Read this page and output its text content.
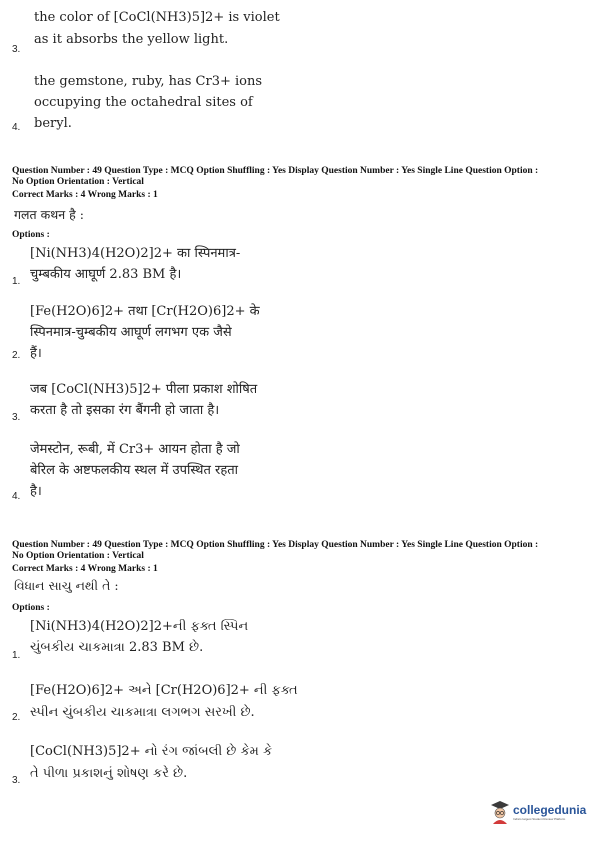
the color of [CoCl(NH3)5]2+ is violet
as it absorbs the yellow light.
3.
the gemstone, ruby, has Cr3+ ions
occupying the octahedral sites of
beryl.
4.
Question Number : 49 Question Type : MCQ Option Shuffling : Yes Display Question Number : Yes Single Line Question Option :
No Option Orientation : Vertical
Correct Marks : 4 Wrong Marks : 1
गलत कथन है :
Options :
[Ni(NH3)4(H2O)2]2+ का स्पिनमात्र-
चुम्बकीय आघूर्ण 2.83 BM है।
1.
[Fe(H2O)6]2+ तथा [Cr(H2O)6]2+ के
स्पिनमात्र-चुम्बकीय आघूर्ण लगभग एक जैसे
हैं।
2.
जब [CoCl(NH3)5]2+ पीला प्रकाश शोषित
करता है तो इसका रंग बैंगनी हो जाता है।
3.
जेमस्टोन, रूबी, में Cr3+ आयन होता है जो
बेरिल के अष्टफलकीय स्थल में उपस्थित रहता
है।
4.
Question Number : 49 Question Type : MCQ Option Shuffling : Yes Display Question Number : Yes Single Line Question Option :
No Option Orientation : Vertical
Correct Marks : 4 Wrong Marks : 1
વિધાન સાચુ નથી તે :
Options :
[Ni(NH3)4(H2O)2]2+ની ફક્ત સ્પિન
ચુંબકીય ચાકમાત્રા 2.83 BM છે.
1.
[Fe(H2O)6]2+ અને [Cr(H2O)6]2+ ની ફક્ત
સ્પીન ચુંબકીય ચાકમાત્રા લગભગ સરખી છે.
2.
[CoCl(NH3)5]2+ નો રંગ જાંબલી છે કેમ કે
તે પીળા પ્રકાશનું શોષણ કરે છે.
3.
collegedunia
India's largest Student Review Platform
